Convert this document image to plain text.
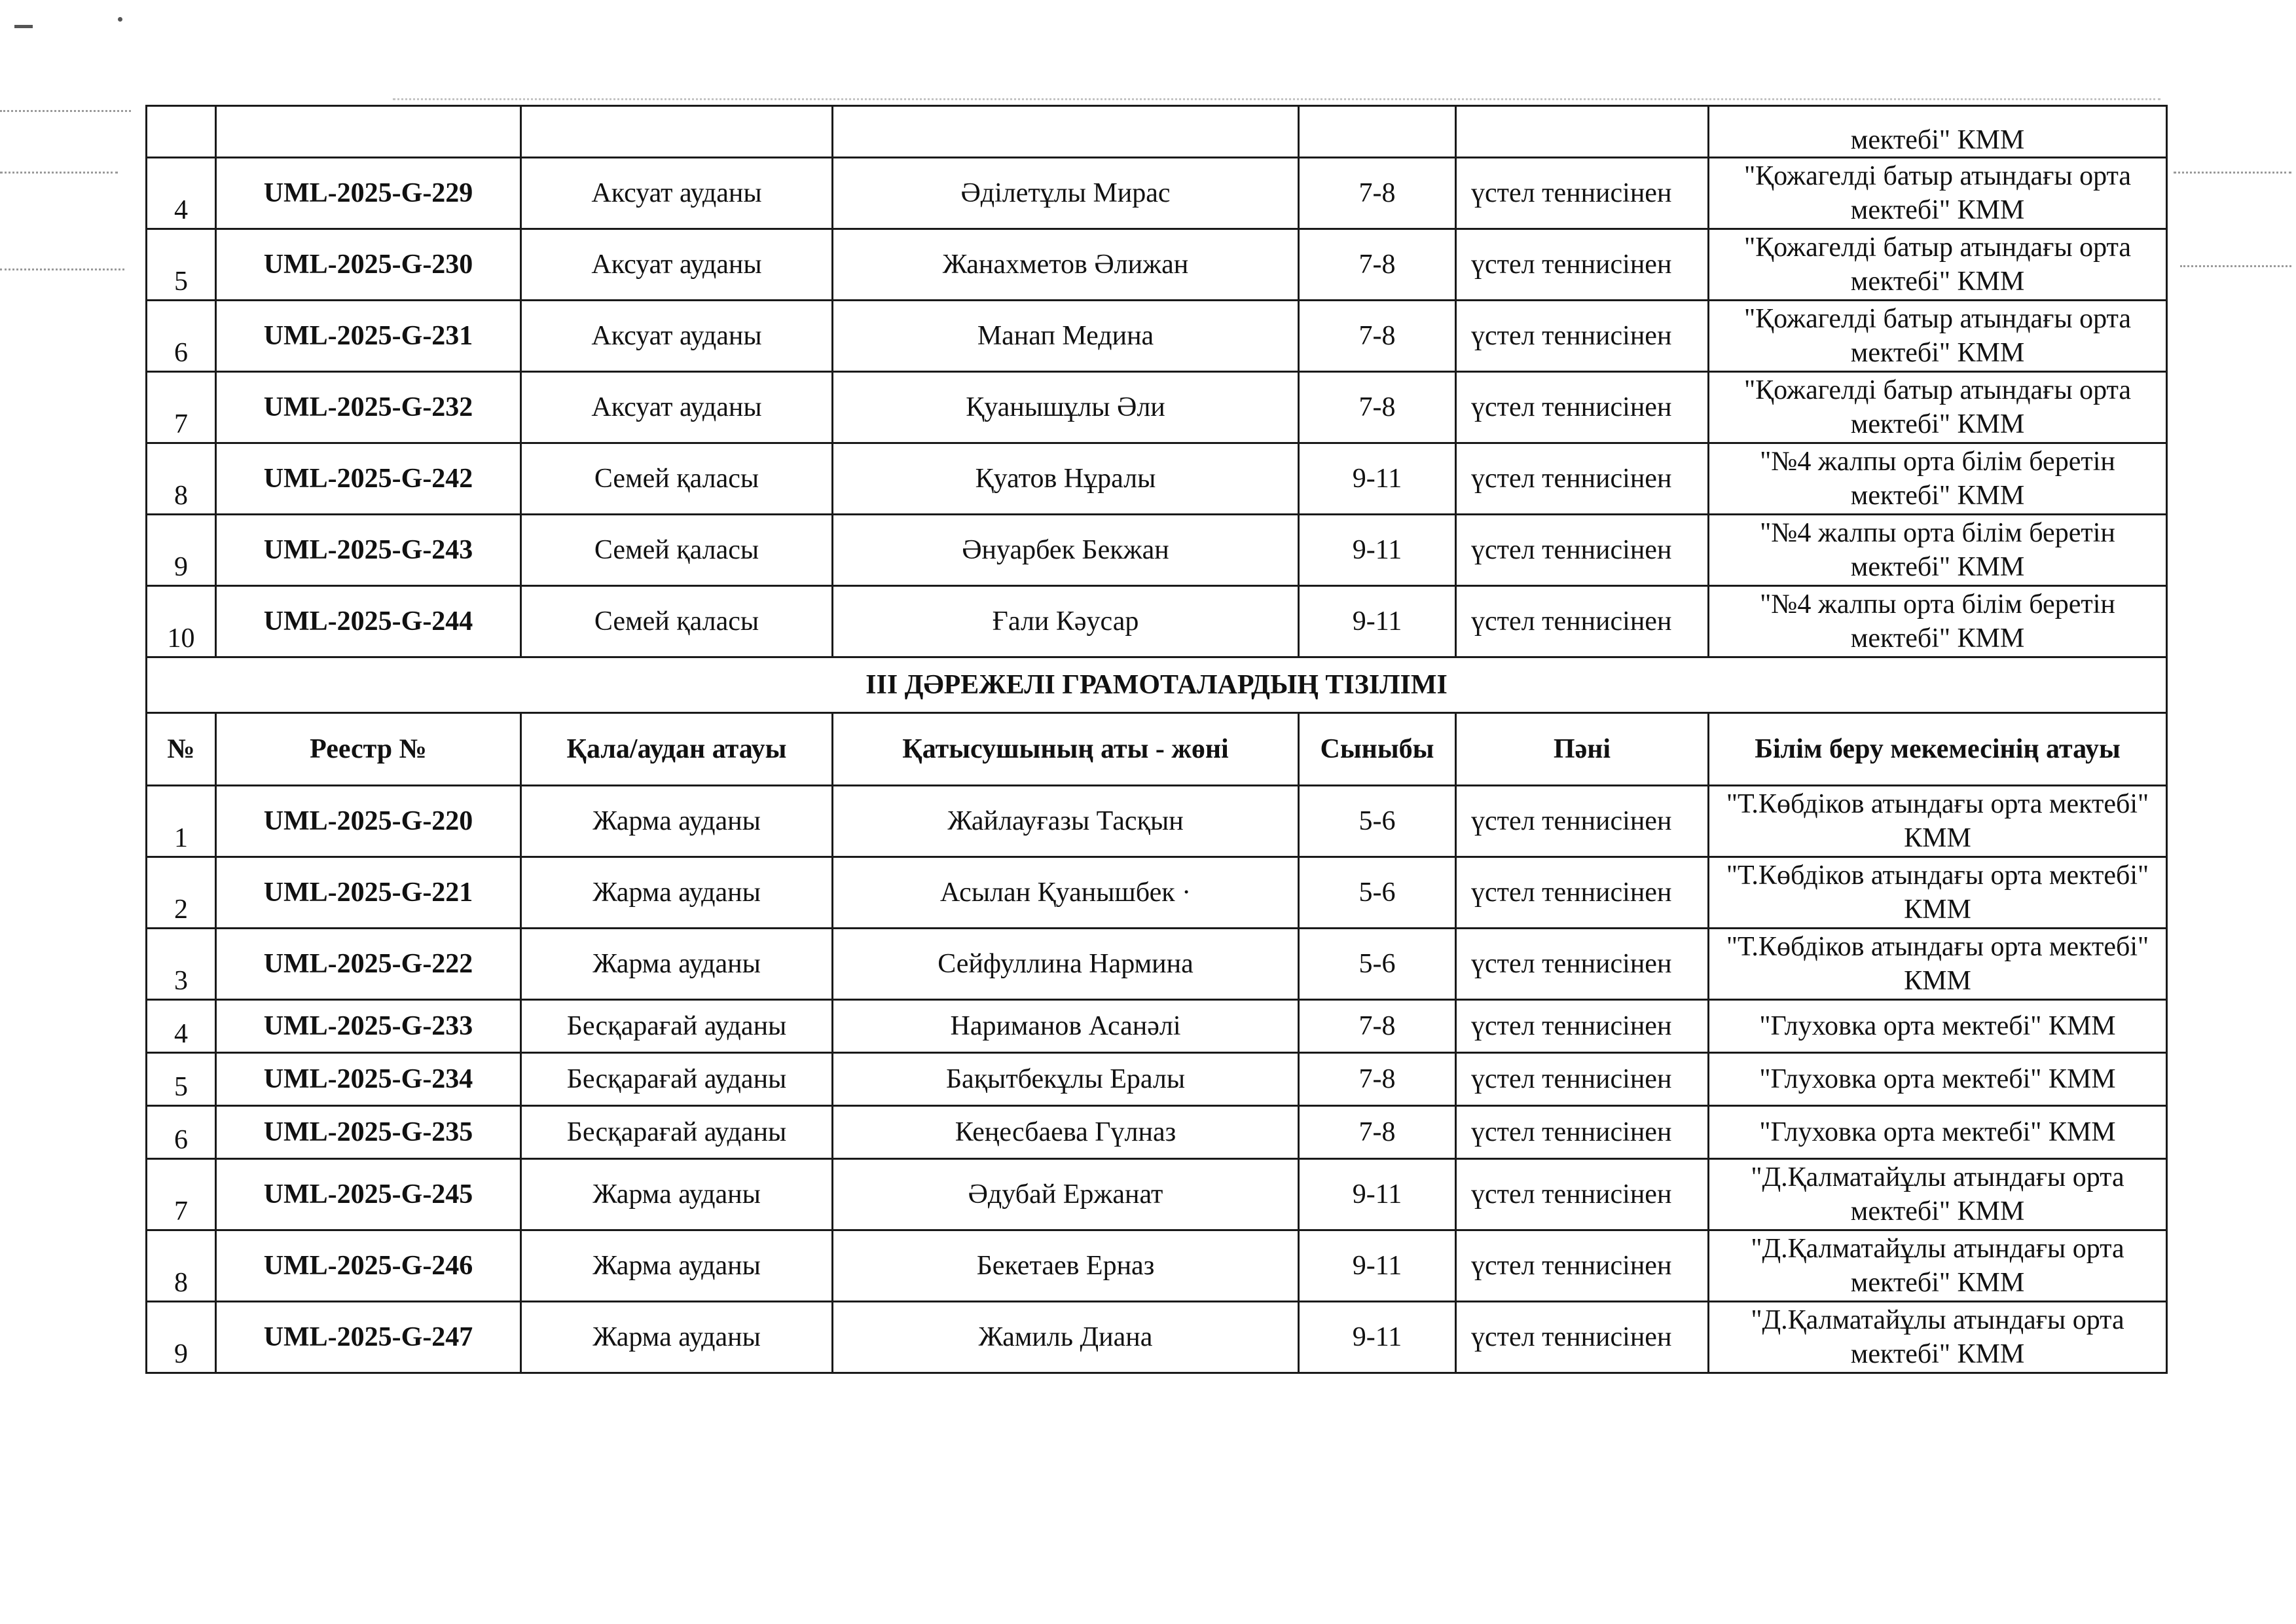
						мектебі" КММ
4	UML-2025-G-229	Аксуат ауданы	Әділетұлы Мирас	7-8	үстел теннисінен	"Қожагелді батыр атындағы орта мектебі" КММ
5	UML-2025-G-230	Аксуат ауданы	Жанахметов Әлижан	7-8	үстел теннисінен	"Қожагелді батыр атындағы орта мектебі" КММ
6	UML-2025-G-231	Аксуат ауданы	Манап Медина	7-8	үстел теннисінен	"Қожагелді батыр атындағы орта мектебі" КММ
7	UML-2025-G-232	Аксуат ауданы	Қуанышұлы Әли	7-8	үстел теннисінен	"Қожагелді батыр атындағы орта мектебі" КММ
8	UML-2025-G-242	Семей қаласы	Қуатов Нұралы	9-11	үстел теннисінен	"№4 жалпы орта білім беретін мектебі" КММ
9	UML-2025-G-243	Семей қаласы	Әнуарбек Бекжан	9-11	үстел теннисінен	"№4 жалпы орта білім беретін мектебі" КММ
10	UML-2025-G-244	Семей қаласы	Ғали Кәусар	9-11	үстел теннисінен	"№4 жалпы орта білім беретін мектебі" КММ
ІІІ ДӘРЕЖЕЛІ ГРАМОТАЛАРДЫҢ ТІЗІЛІМІ						
№	Реестр №	Қала/аудан атауы	Қатысушының аты - жөні	Сыныбы	Пәні	Білім беру мекемесінің атауы
1	UML-2025-G-220	Жарма ауданы	Жайлауғазы Тасқын	5-6	үстел теннисінен	"Т.Көбдіков атындағы орта мектебі" КММ
2	UML-2025-G-221	Жарма ауданы	Асылан Қуанышбек ·	5-6	үстел теннисінен	"Т.Көбдіков атындағы орта мектебі" КММ
3	UML-2025-G-222	Жарма ауданы	Сейфуллина Нармина	5-6	үстел теннисінен	"Т.Көбдіков атындағы орта мектебі" КММ
4	UML-2025-G-233	Бесқарағай ауданы	Нариманов Асанәлі	7-8	үстел теннисінен	"Глуховка орта мектебі" КММ
5	UML-2025-G-234	Бесқарағай ауданы	Бақытбекұлы Ералы	7-8	үстел теннисінен	"Глуховка орта мектебі" КММ
6	UML-2025-G-235	Бесқарағай ауданы	Кеңесбаева Гүлназ	7-8	үстел теннисінен	"Глуховка орта мектебі" КММ
7	UML-2025-G-245	Жарма ауданы	Әдубай Ержанат	9-11	үстел теннисінен	"Д.Қалматайұлы атындағы орта мектебі" КММ
8	UML-2025-G-246	Жарма ауданы	Бекетаев Ерназ	9-11	үстел теннисінен	"Д.Қалматайұлы атындағы орта мектебі" КММ
9	UML-2025-G-247	Жарма ауданы	Жамиль Диана	9-11	үстел теннисінен	"Д.Қалматайұлы атындағы орта мектебі" КММ
